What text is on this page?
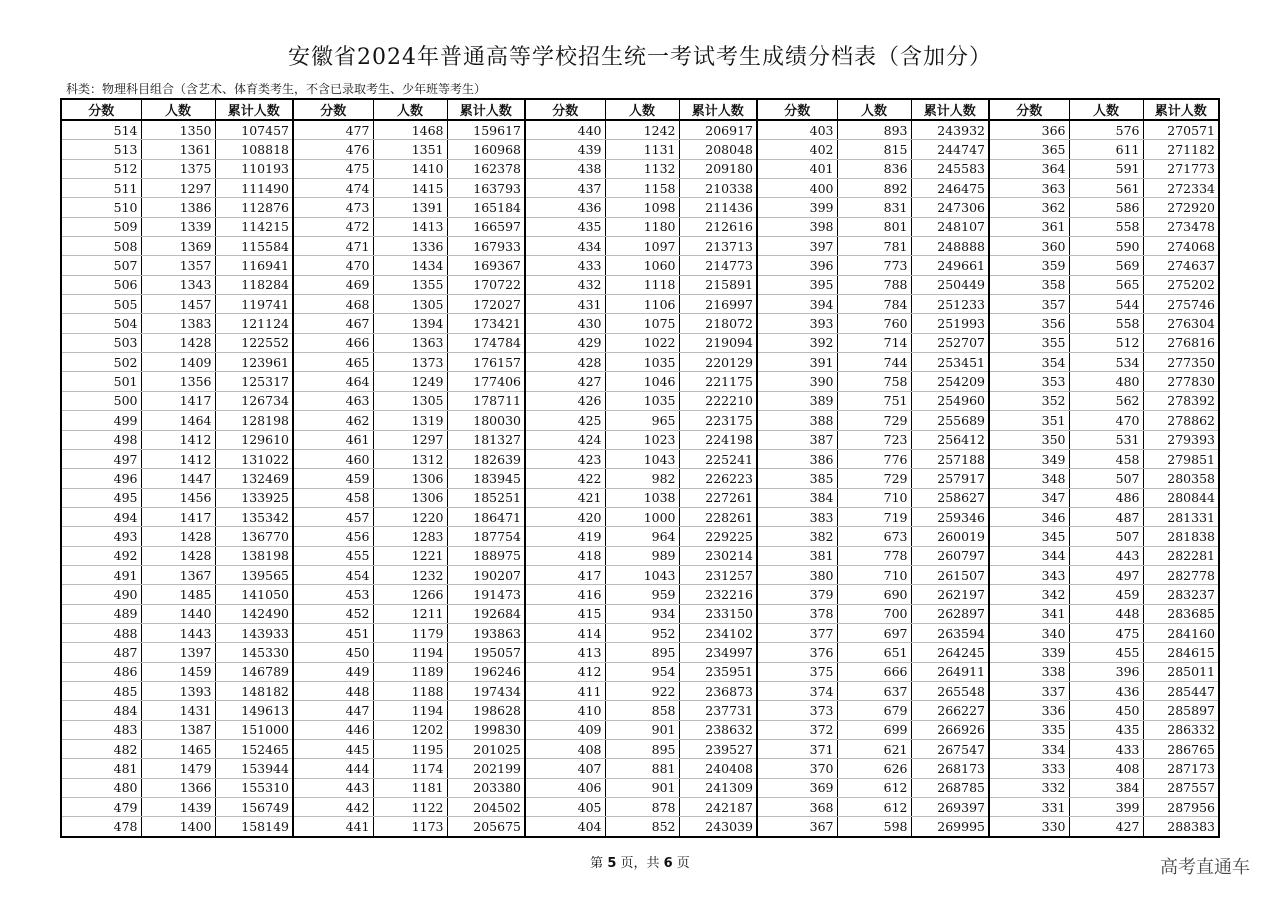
安徽省2024年普通高等学校招生统一考试考生成绩分档表（含加分）
科类：物理科目组合（含艺术、体育类考生，不含已录取考生、少年班等考生）
分数	人数	累计人数	分数	人数	累计人数	分数	人数	累计人数	分数	人数	累计人数	分数	人数	累计人数
514	1350	107457	477	1468	159617	440	1242	206917	403	893	243932	366	576	270571
513	1361	108818	476	1351	160968	439	1131	208048	402	815	244747	365	611	271182
512	1375	110193	475	1410	162378	438	1132	209180	401	836	245583	364	591	271773
511	1297	111490	474	1415	163793	437	1158	210338	400	892	246475	363	561	272334
510	1386	112876	473	1391	165184	436	1098	211436	399	831	247306	362	586	272920
509	1339	114215	472	1413	166597	435	1180	212616	398	801	248107	361	558	273478
508	1369	115584	471	1336	167933	434	1097	213713	397	781	248888	360	590	274068
507	1357	116941	470	1434	169367	433	1060	214773	396	773	249661	359	569	274637
506	1343	118284	469	1355	170722	432	1118	215891	395	788	250449	358	565	275202
505	1457	119741	468	1305	172027	431	1106	216997	394	784	251233	357	544	275746
504	1383	121124	467	1394	173421	430	1075	218072	393	760	251993	356	558	276304
503	1428	122552	466	1363	174784	429	1022	219094	392	714	252707	355	512	276816
502	1409	123961	465	1373	176157	428	1035	220129	391	744	253451	354	534	277350
501	1356	125317	464	1249	177406	427	1046	221175	390	758	254209	353	480	277830
500	1417	126734	463	1305	178711	426	1035	222210	389	751	254960	352	562	278392
499	1464	128198	462	1319	180030	425	965	223175	388	729	255689	351	470	278862
498	1412	129610	461	1297	181327	424	1023	224198	387	723	256412	350	531	279393
497	1412	131022	460	1312	182639	423	1043	225241	386	776	257188	349	458	279851
496	1447	132469	459	1306	183945	422	982	226223	385	729	257917	348	507	280358
495	1456	133925	458	1306	185251	421	1038	227261	384	710	258627	347	486	280844
494	1417	135342	457	1220	186471	420	1000	228261	383	719	259346	346	487	281331
493	1428	136770	456	1283	187754	419	964	229225	382	673	260019	345	507	281838
492	1428	138198	455	1221	188975	418	989	230214	381	778	260797	344	443	282281
491	1367	139565	454	1232	190207	417	1043	231257	380	710	261507	343	497	282778
490	1485	141050	453	1266	191473	416	959	232216	379	690	262197	342	459	283237
489	1440	142490	452	1211	192684	415	934	233150	378	700	262897	341	448	283685
488	1443	143933	451	1179	193863	414	952	234102	377	697	263594	340	475	284160
487	1397	145330	450	1194	195057	413	895	234997	376	651	264245	339	455	284615
486	1459	146789	449	1189	196246	412	954	235951	375	666	264911	338	396	285011
485	1393	148182	448	1188	197434	411	922	236873	374	637	265548	337	436	285447
484	1431	149613	447	1194	198628	410	858	237731	373	679	266227	336	450	285897
483	1387	151000	446	1202	199830	409	901	238632	372	699	266926	335	435	286332
482	1465	152465	445	1195	201025	408	895	239527	371	621	267547	334	433	286765
481	1479	153944	444	1174	202199	407	881	240408	370	626	268173	333	408	287173
480	1366	155310	443	1181	203380	406	901	241309	369	612	268785	332	384	287557
479	1439	156749	442	1122	204502	405	878	242187	368	612	269397	331	399	287956
478	1400	158149	441	1173	205675	404	852	243039	367	598	269995	330	427	288383
第 5 页，共 6 页	高考直通车
